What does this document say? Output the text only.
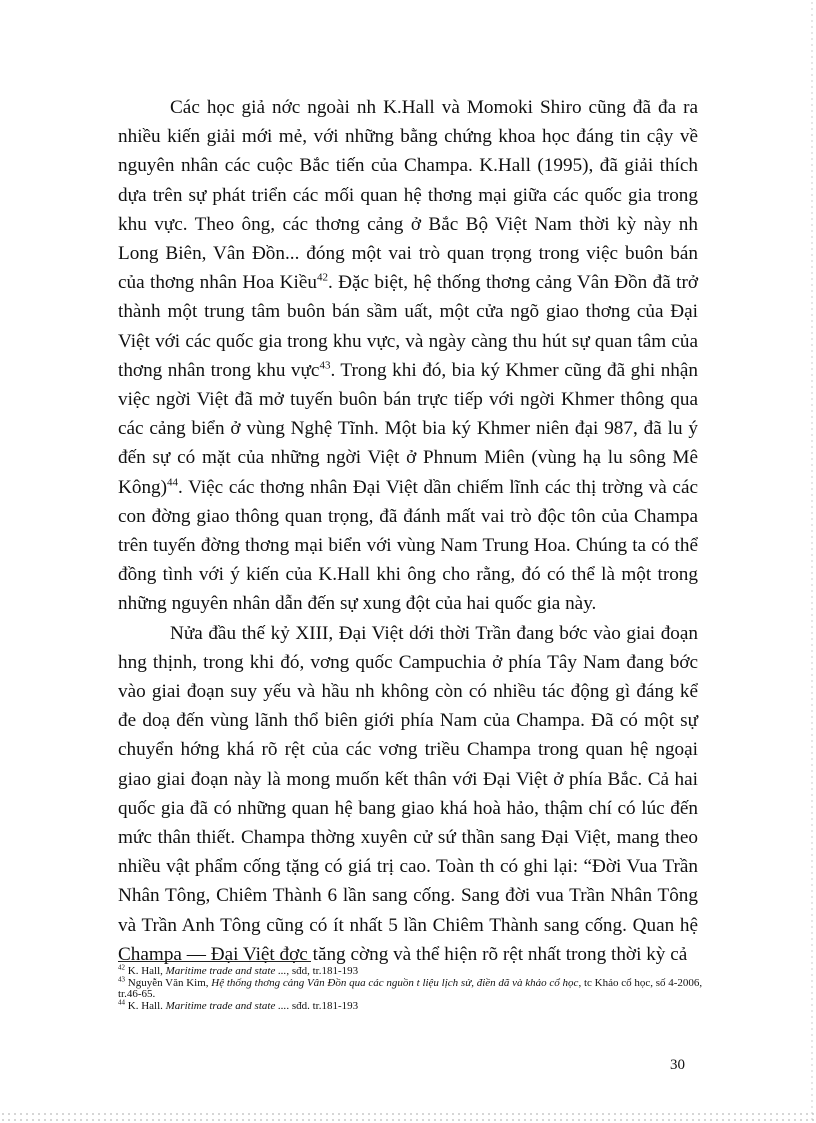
Các học giả nớc ngoài nh K.Hall và Momoki Shiro cũng đã đa ra nhiều kiến giải mới mẻ, với những bằng chứng khoa học đáng tin cậy về nguyên nhân các cuộc Bắc tiến của Champa. K.Hall (1995), đã giải thích dựa trên sự phát triển các mối quan hệ thơng mại giữa các quốc gia trong khu vực. Theo ông, các thơng cảng ở Bắc Bộ Việt Nam thời kỳ này nh Long Biên, Vân Đồn... đóng một vai trò quan trọng trong việc buôn bán của thơng nhân Hoa Kiều$^{42}$. Đặc biệt, hệ thống thơng cảng Vân Đồn đã trở thành một trung tâm buôn bán sầm uất, một cửa ngõ giao thơng của Đại Việt với các quốc gia trong khu vực, và ngày càng thu hút sự quan tâm của thơng nhân trong khu vực$^{43}$. Trong khi đó, bia ký Khmer cũng đã ghi nhận việc ngời Việt đã mở tuyến buôn bán trực tiếp với ngời Khmer thông qua các cảng biển ở vùng Nghệ Tĩnh. Một bia ký Khmer niên đại 987, đã lu ý đến sự có mặt của những ngời Việt ở Phnum Miên (vùng hạ lu sông Mê Kông)$^{44}$. Việc các thơng nhân Đại Việt dần chiếm lĩnh các thị trờng và các con đờng giao thông quan trọng, đã đánh mất vai trò độc tôn của Champa trên tuyến đờng thơng mại biển với vùng Nam Trung Hoa. Chúng ta có thể đồng tình với ý kiến của K.Hall khi ông cho rằng, đó có thể là một trong những nguyên nhân dẫn đến sự xung đột của hai quốc gia này.

Nửa đầu thế kỷ XIII, Đại Việt dới thời Trần đang bớc vào giai đoạn hng thịnh, trong khi đó, vơng quốc Campuchia ở phía Tây Nam đang bớc vào giai đoạn suy yếu và hầu nh không còn có nhiều tác động gì đáng kể đe doạ đến vùng lãnh thổ biên giới phía Nam của Champa. Đã có một sự chuyển hớng khá rõ rệt của các vơng triều Champa trong quan hệ ngoại giao giai đoạn này là mong muốn kết thân với Đại Việt ở phía Bắc. Cả hai quốc gia đã có những quan hệ bang giao khá hoà hảo, thậm chí có lúc đến mức thân thiết. Champa thờng xuyên cử sứ thần sang Đại Việt, mang theo nhiều vật phẩm cống tặng có giá trị cao. Toàn th có ghi lại: “Đời Vua Trần Nhân Tông, Chiêm Thành 6 lần sang cống. Sang đời vua Trần Nhân Tông và Trần Anh Tông cũng có ít nhất 5 lần Chiêm Thành sang cống. Quan hệ Champa — Đại Việt đợc tăng cờng và thể hiện rõ rệt nhất trong thời kỳ cả

$^{42}$ K. Hall, Maritime trade and state ..., sđd, tr.181-193
$^{43}$ Nguyễn Văn Kim, Hệ thống thơng cảng Vân Đồn qua các nguồn t liệu lịch sử, điền dã và khảo cổ học, tc Khảo cổ học, số 4-2006, tr.46-65.
$^{44}$ K. Hall. Maritime trade and state .... sđd. tr.181-193
30
